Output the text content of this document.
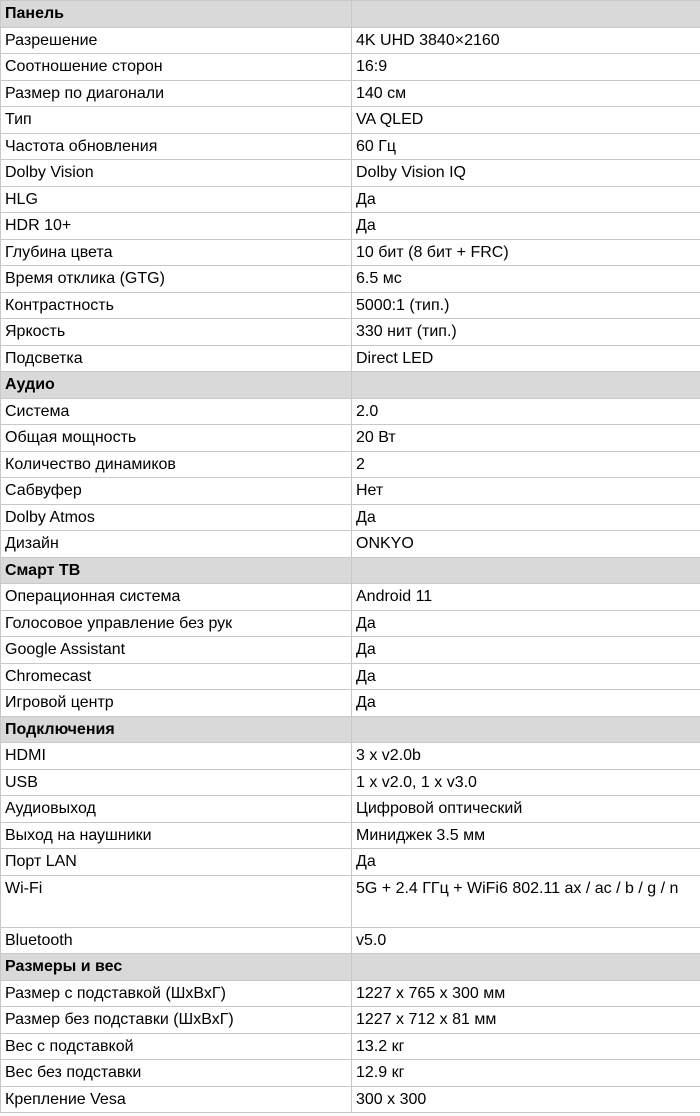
Панель	
Разрешение	4K UHD 3840×2160
Соотношение сторон	16:9
Размер по диагонали	140 см
Тип	VA QLED
Частота обновления	60 Гц
Dolby Vision	Dolby Vision IQ
HLG	Да
HDR 10+	Да
Глубина цвета	10 бит (8 бит + FRC)
Время отклика (GTG)	6.5 мс
Контрастность	5000:1 (тип.)
Яркость	330 нит (тип.)
Подсветка	Direct LED
Аудио	
Система	2.0
Общая мощность	20 Вт
Количество динамиков	2
Сабвуфер	Нет
Dolby Atmos	Да
Дизайн	ONKYO
Смарт ТВ	
Операционная система	Android 11
Голосовое управление без рук	Да
Google Assistant	Да
Chromecast	Да
Игровой центр	Да
Подключения	
HDMI	3 x v2.0b
USB	1 x v2.0, 1 x v3.0
Аудиовыход	Цифровой оптический
Выход на наушники	Миниджек 3.5 мм
Порт LAN	Да
Wi-Fi	5G + 2.4 ГГц + WiFi6 802.11 ax / ac / b / g / n
Bluetooth	v5.0
Размеры и вес	
Размер с подставкой (ШхВхГ)	1227 x 765 x 300 мм
Размер без подставки (ШхВхГ)	1227 x 712 x 81 мм
Вес с подставкой	13.2 кг
Вес без подставки	12.9 кг
Крепление Vesa	300 x 300
